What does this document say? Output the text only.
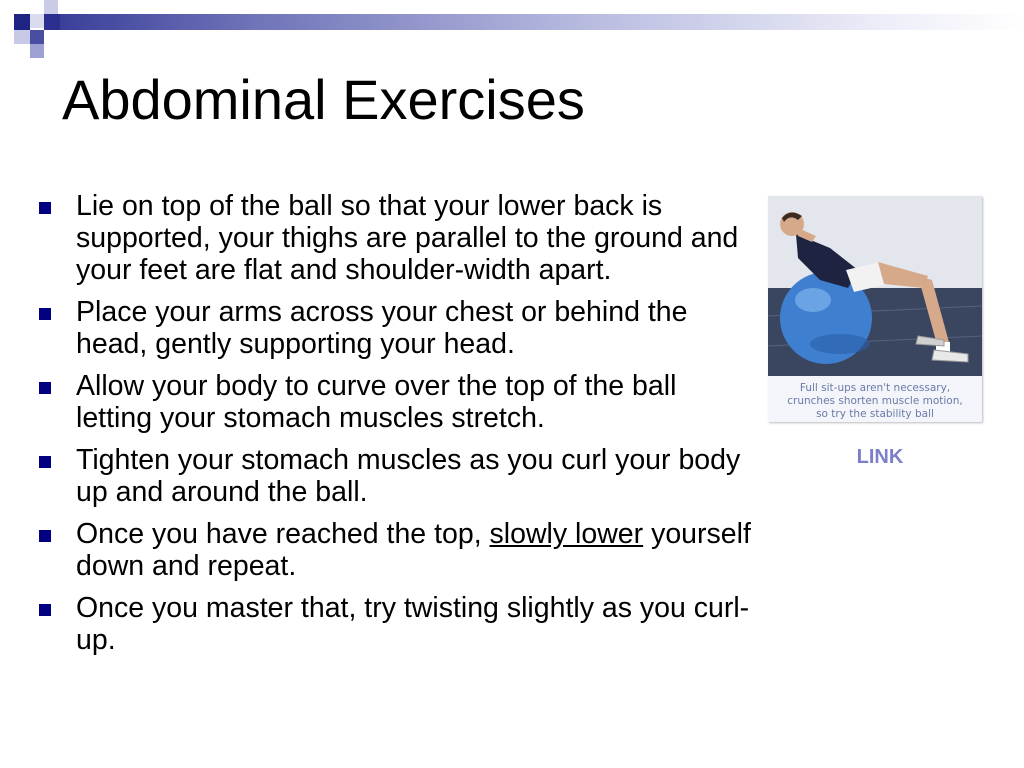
Abdominal Exercises
Lie on top of the ball so that your lower back is supported, your thighs are parallel to the ground and your feet are flat and shoulder-width apart.
Place your arms across your chest or behind the head, gently supporting your head.
Allow your body to curve over the top of the ball letting your stomach muscles stretch.
Tighten your stomach muscles as you curl your body up and around the ball.
Once you have reached the top, slowly lower yourself down and repeat.
Once you master that, try twisting slightly as you curl-up.
Full sit-ups aren't necessary,
crunches shorten muscle motion,
so try the stability ball
LINK
